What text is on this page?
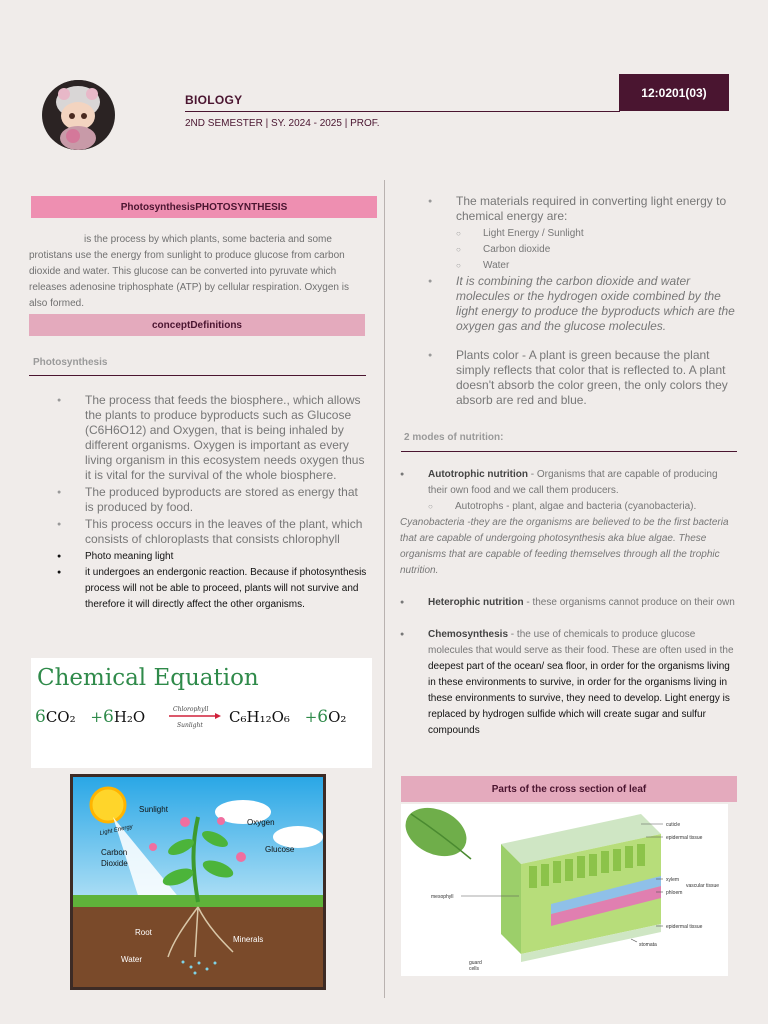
BIOLOGY
2ND SEMESTER | SY. 2024 - 2025 | PROF.
12:0201(03)
PhotosynthesisPHOTOSYNTHESIS
is the process by which plants, some bacteria and some protistans use the energy from sunlight to produce glucose from carbon dioxide and water. This glucose can be converted into pyruvate which releases adenosine triphosphate (ATP) by cellular respiration. Oxygen is also formed.
conceptDefinitions
Photosynthesis
● The process that feeds the biosphere., which allows the plants to produce byproducts such as Glucose (C6H6O12) and Oxygen, that is being inhaled by different organisms. Oxygen is important as every living organism in this ecosystem needs oxygen thus it is vital for the survival of the whole biosphere.
● The produced byproducts are stored as energy that is produced by food.
● This process occurs in the leaves of the plant, which consists of chloroplasts that consists chlorophyll
● Photo meaning light
● it undergoes an endergonic reaction. Because if photosynthesis process will not be able to proceed, plants will not survive and therefore it will directly affect the other organisms.
Chemical Equation
6CO₂ +6H₂O	Chlorophyll
Sunlight C₆H₁₂O₆ +6O₂
Sunlight
Light Energy
Carbon
Dioxide
Oxygen
Glucose
Root
Minerals
Water
● The materials required in converting light energy to chemical energy are:
○ Light Energy / Sunlight
○ Carbon dioxide
○ Water
● It is combining the carbon dioxide and water molecules or the hydrogen oxide combined by the light energy to produce the byproducts which are the oxygen gas and the glucose molecules.
● Plants color - A plant is green because the plant simply reflects that color that is reflected to. A plant doesn't absorb the color green, the only colors they absorb are red and blue.
2 modes of nutrition:
● Autotrophic nutrition - Organisms that are capable of producing their own food and we call them producers.
○ Autotrophs - plant, algae and bacteria (cyanobacteria).
Cyanobacteria -they are the organisms are believed to be the first bacteria that are capable of undergoing photosynthesis aka blue algae. These organisms that are capable of feeding themselves through all the trophic nutrition.
● Heterophic nutrition - these organisms cannot produce on their own
● Chemosynthesis - the use of chemicals to produce glucose molecules that would serve as their food. These are often used in the deepest part of the ocean/ sea floor, in order for the organisms living in these environments to survive, in order for the organisms living in these environments to survive, they need to develop. Light energy is replaced by hydrogen sulfide which will create sugar and sulfur compounds
Parts of the cross section of leaf
cuticle
epidermal tissue
xylem
phloem
vascular tissue
mesophyll
epidermal tissue
stomata
guard
cells
